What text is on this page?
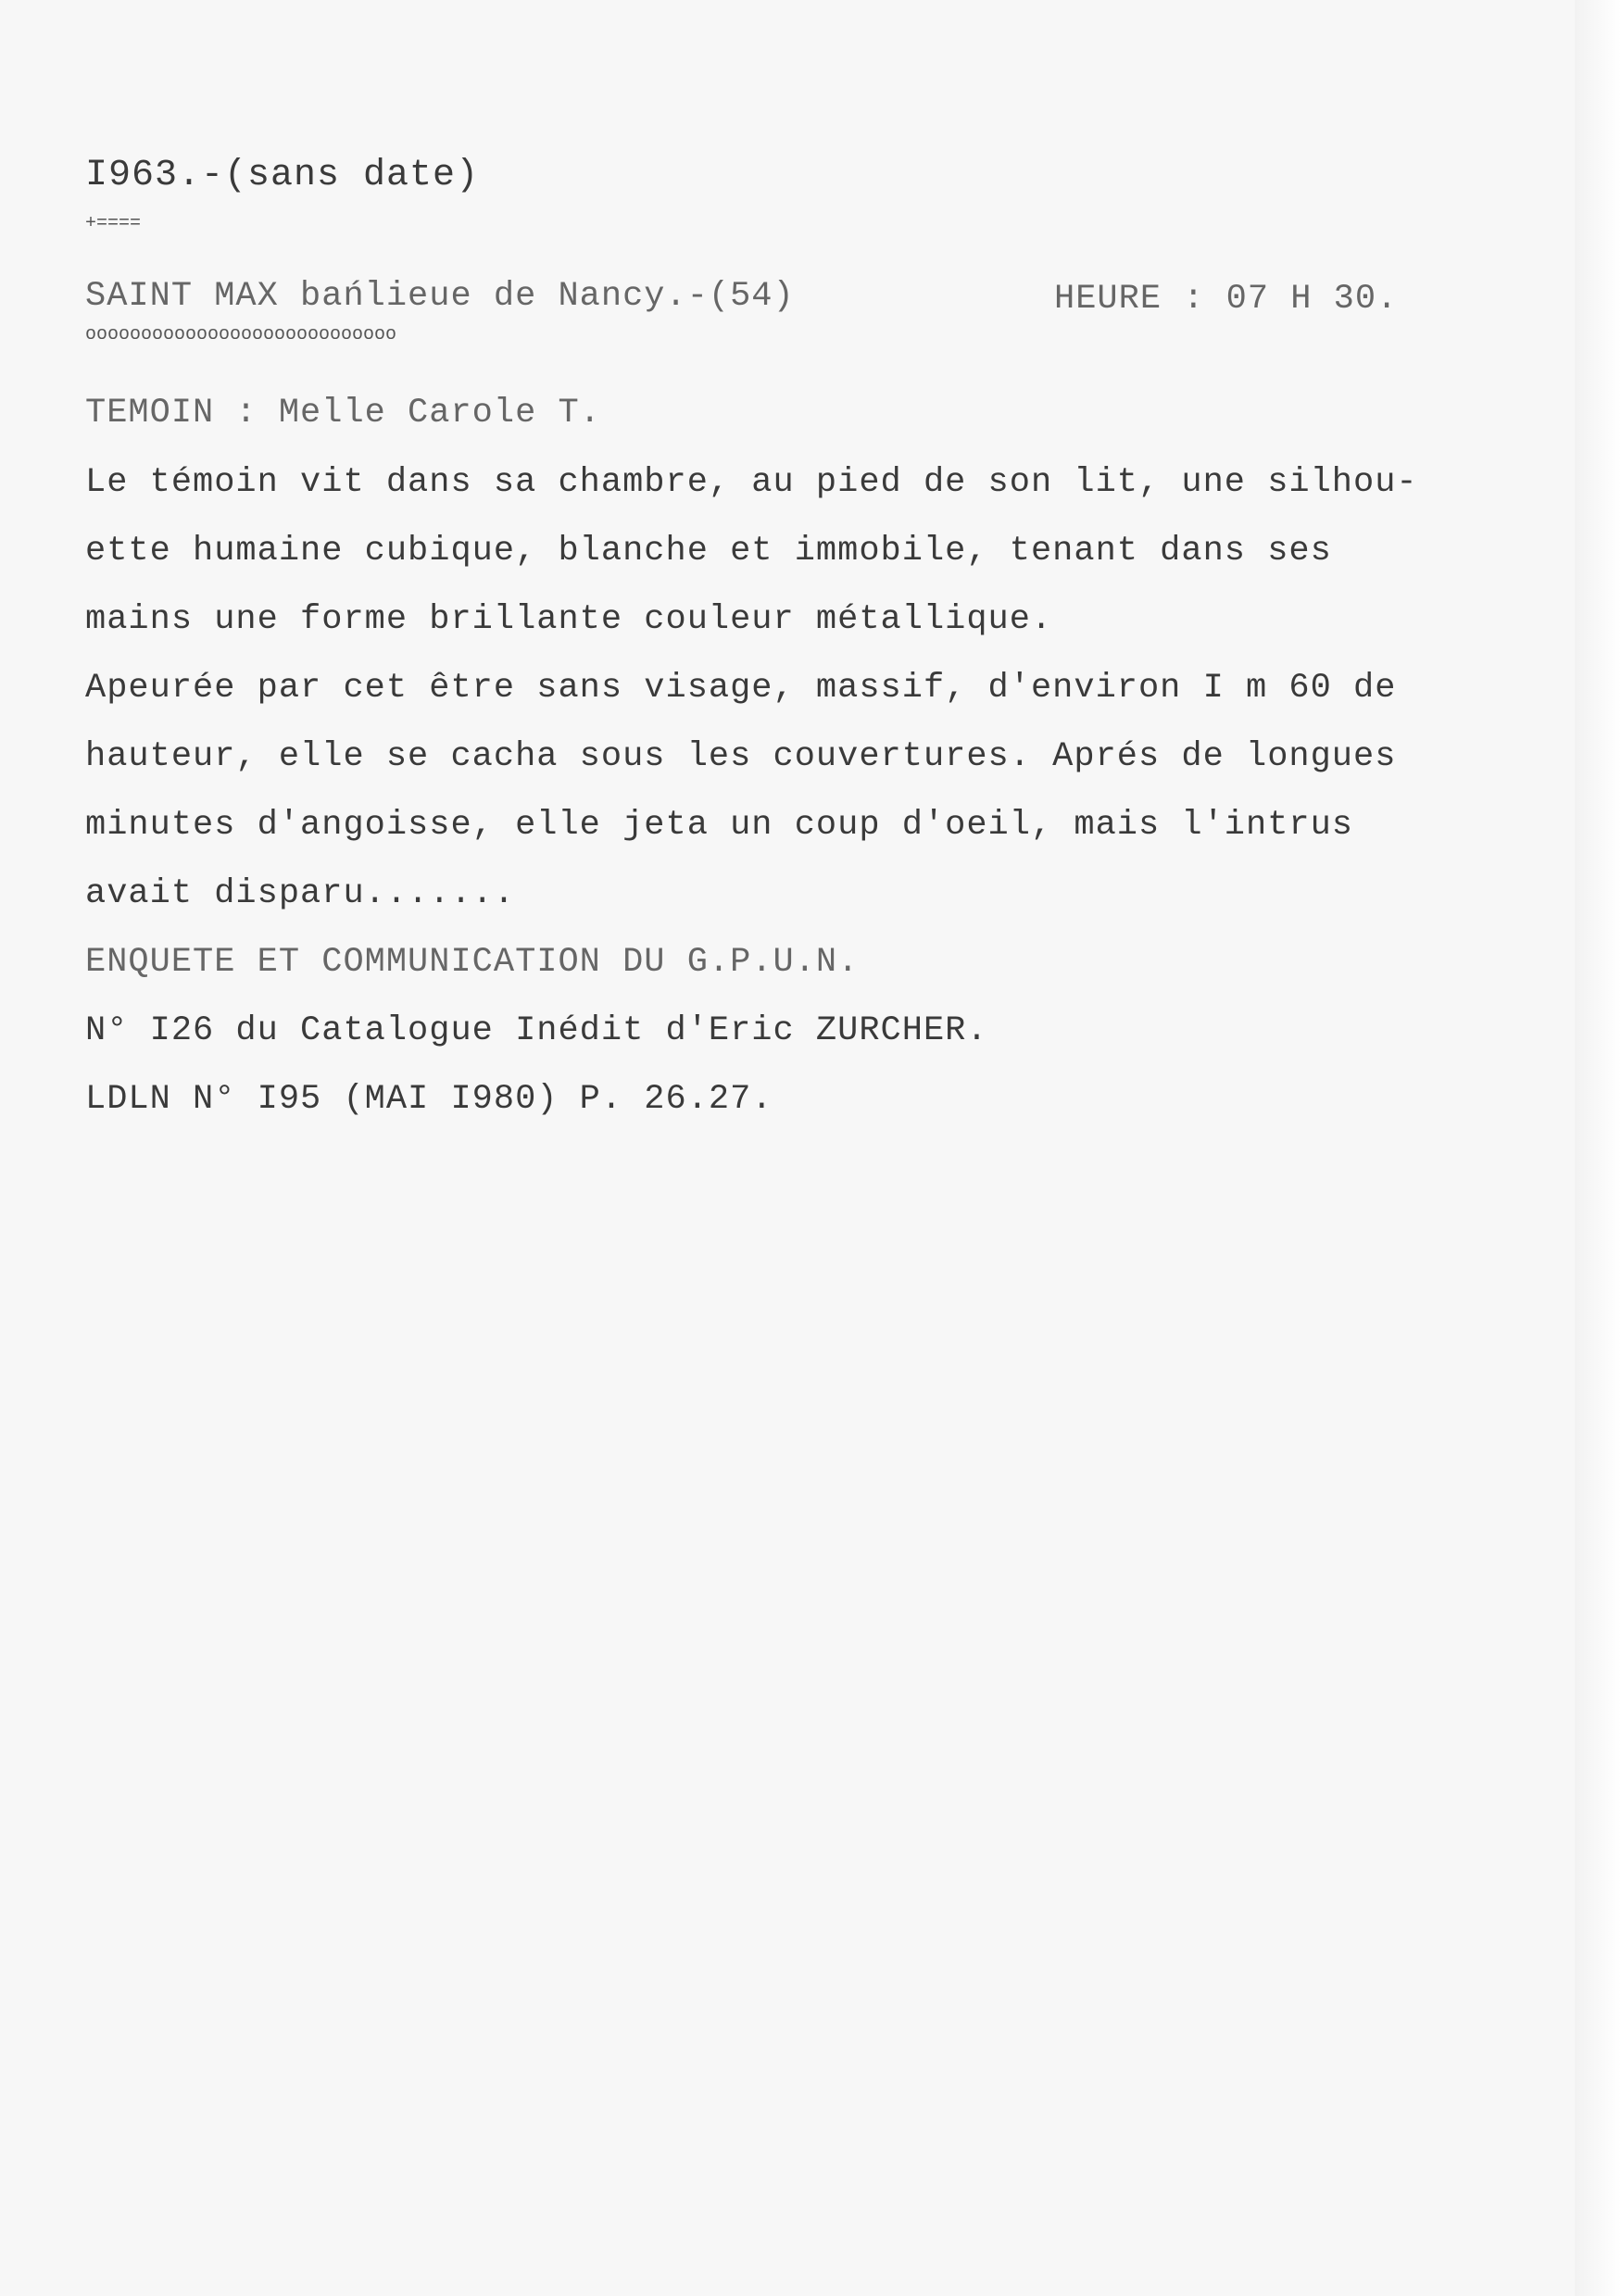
I963.-(sans date)
+====
SAINT MAX bańlieue de Nancy.-(54)	HEURE : 07 H 30.
oooooooooooooooooooooooooooo
TEMOIN : Melle Carole T.
Le témoin vit dans sa chambre, au pied de son lit, une silhou-
ette humaine cubique, blanche et immobile, tenant dans ses
mains une forme brillante couleur métallique.
Apeurée par cet être sans visage, massif, d'environ I m 60 de
hauteur, elle se cacha sous les couvertures. Aprés de longues
minutes d'angoisse, elle jeta un coup d'oeil, mais l'intrus
avait disparu.......
ENQUETE ET COMMUNICATION DU G.P.U.N.
N° I26 du Catalogue Inédit d'Eric ZURCHER.
LDLN N° I95 (MAI I980) P. 26.27.
